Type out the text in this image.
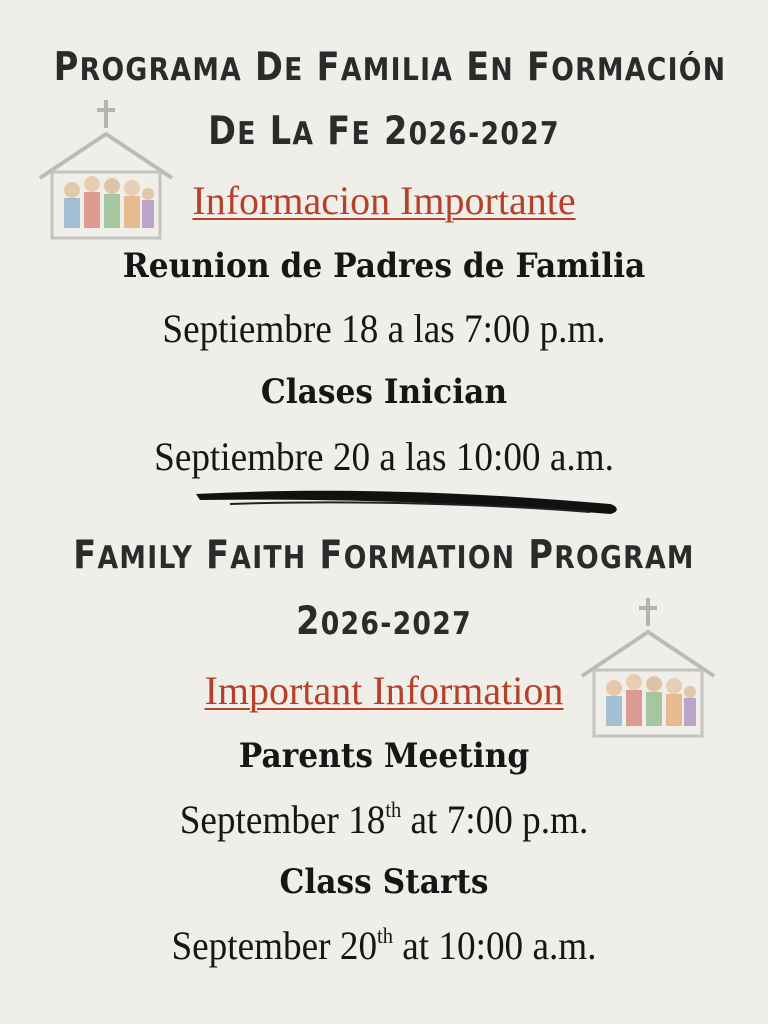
PROGRAMA DE FAMILIA EN FORMACIÓN
DE LA FE 2026-2027
Informacion Importante
Reunion de Padres de Familia
Septiembre 18 a las 7:00 p.m.
Clases Inician
Septiembre 20 a las 10:00 a.m.
FAMILY FAITH FORMATION PROGRAM
2026-2027
Important Information
Parents Meeting
September 18th at 7:00 p.m.
Class Starts
September 20th at 10:00 a.m.
